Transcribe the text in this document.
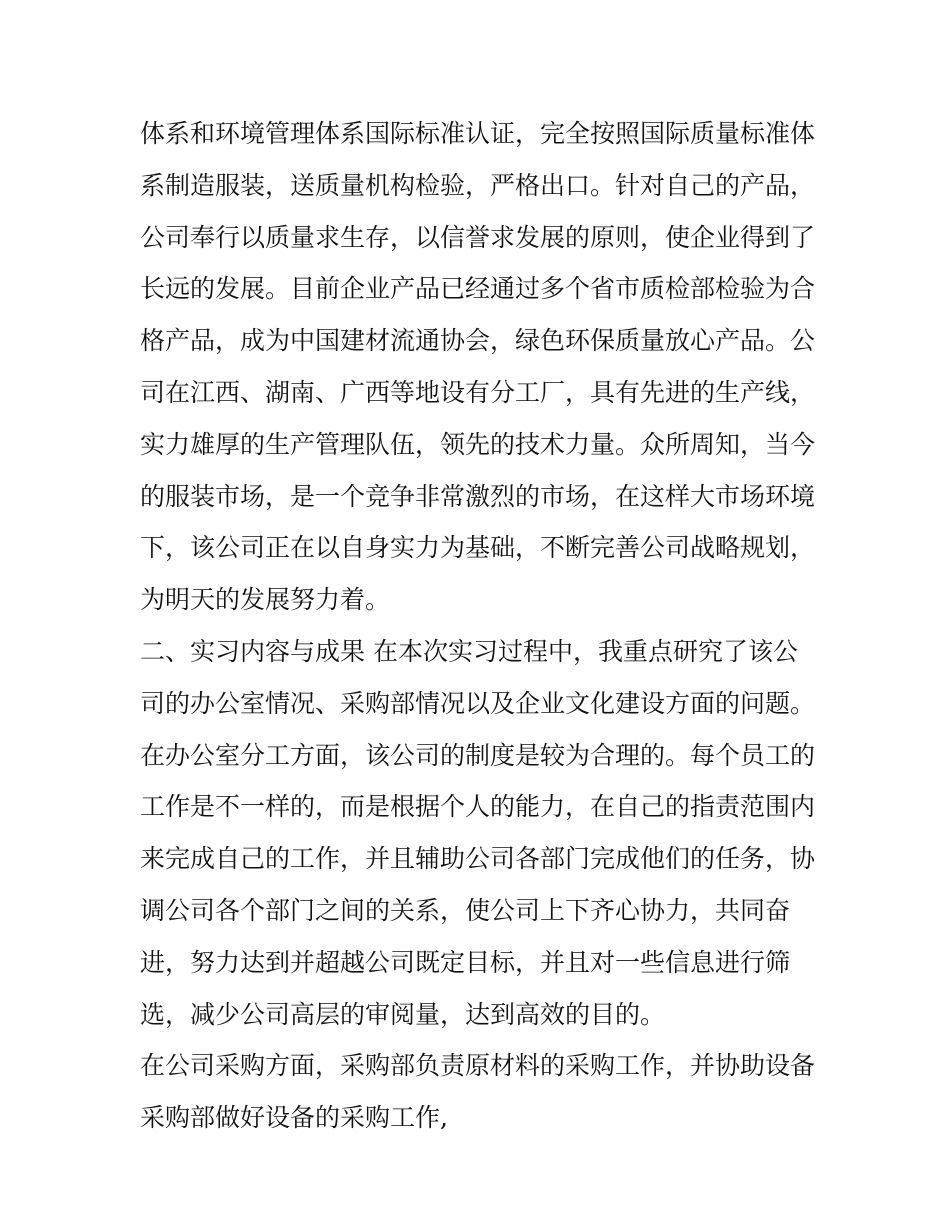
体系和环境管理体系国际标准认证，完全按照国际质量标准体
系制造服装，送质量机构检验，严格出口。针对自己的产品，
公司奉行以质量求生存，以信誉求发展的原则，使企业得到了
长远的发展。目前企业产品已经通过多个省市质检部检验为合
格产品，成为中国建材流通协会，绿色环保质量放心产品。公
司在江西、湖南、广西等地设有分工厂，具有先进的生产线，
实力雄厚的生产管理队伍，领先的技术力量。众所周知，当今
的服装市场，是一个竞争非常激烈的市场，在这样大市场环境
下，该公司正在以自身实力为基础，不断完善公司战略规划，
为明天的发展努力着。
二、实习内容与成果 在本次实习过程中，我重点研究了该公
司的办公室情况、采购部情况以及企业文化建设方面的问题。
在办公室分工方面，该公司的制度是较为合理的。每个员工的
工作是不一样的，而是根据个人的能力，在自己的指责范围内
来完成自己的工作，并且辅助公司各部门完成他们的任务，协
调公司各个部门之间的关系，使公司上下齐心协力，共同奋
进，努力达到并超越公司既定目标，并且对一些信息进行筛
选，减少公司高层的审阅量，达到高效的目的。
在公司采购方面，采购部负责原材料的采购工作，并协助设备
采购部做好设备的采购工作,
